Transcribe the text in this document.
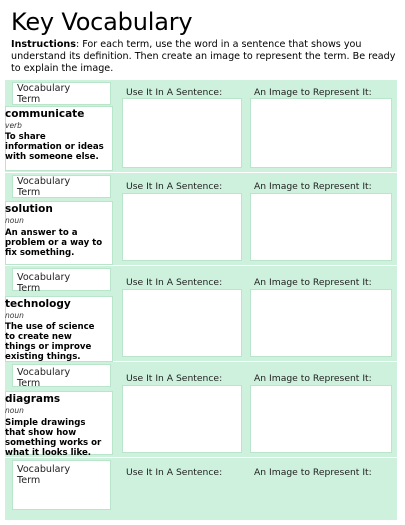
Key Vocabulary
Instructions: For each term, use the word in a sentence that shows you understand its definition. Then create an image to represent the term. Be ready to explain the image.
Vocabulary Term
Use It In A Sentence:	An Image to Represent It:
communicate
verb
To share information or ideas with someone else.
Vocabulary Term
Use It In A Sentence:	An Image to Represent It:
solution
noun
An answer to a problem or a way to fix something.
Vocabulary Term
Use It In A Sentence:	An Image to Represent It:
technology
noun
The use of science to create new things or improve existing things.
Vocabulary Term	Use It In A Sentence:	An Image to Represent It:
diagrams
noun
Simple drawings that show how something works or what it looks like.
Vocabulary Term
Use It In A Sentence:	An Image to Represent It:
